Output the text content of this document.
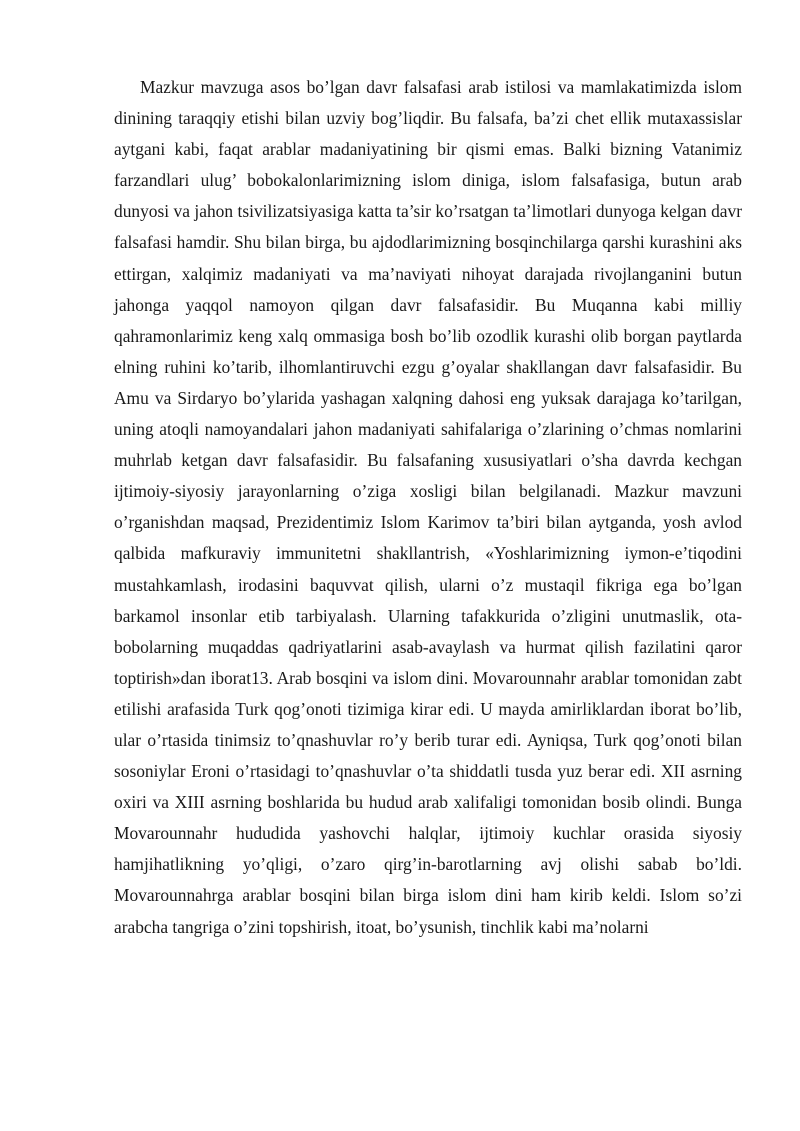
Mazkur mavzuga asos bo’lgan davr falsafasi arab istilosi va mamlakatimizda islom dinining taraqqiy etishi bilan uzviy bog’liqdir. Bu falsafa, ba’zi chet ellik mutaxassislar aytgani kabi, faqat arablar madaniyatining bir qismi emas. Balki bizning Vatanimiz farzandlari ulug’ bobokalonlarimizning islom diniga, islom falsafasiga, butun arab dunyosi va jahon tsivilizatsiyasiga katta ta’sir ko’rsatgan ta’limotlari dunyoga kelgan davr falsafasi hamdir. Shu bilan birga, bu ajdodlarimizning bosqinchilarga qarshi kurashini aks ettirgan, xalqimiz madaniyati va ma’naviyati nihoyat darajada rivojlanganini butun jahonga yaqqol namoyon qilgan davr falsafasidir. Bu Muqanna kabi milliy qahramonlarimiz keng xalq ommasiga bosh bo’lib ozodlik kurashi olib borgan paytlarda elning ruhini ko’tarib, ilhomlantiruvchi ezgu g’oyalar shakllangan davr falsafasidir. Bu Amu va Sirdaryo bo’ylarida yashagan xalqning dahosi eng yuksak darajaga ko’tarilgan, uning atoqli namoyandalari jahon madaniyati sahifalariga o’zlarining o’chmas nomlarini muhrlab ketgan davr falsafasidir. Bu falsafaning xususiyatlari o’sha davrda kechgan ijtimoiy-siyosiy jarayonlarning o’ziga xosligi bilan belgilanadi. Mazkur mavzuni o’rganishdan maqsad, Prezidentimiz Islom Karimov ta’biri bilan aytganda, yosh avlod qalbida mafkuraviy immunitetni shakllantrish, «Yoshlarimizning iymon-e’tiqodini mustahkamlash, irodasini baquvvat qilish, ularni o’z mustaqil fikriga ega bo’lgan barkamol insonlar etib tarbiyalash. Ularning tafakkurida o’zligini unutmaslik, ota-bobolarning muqaddas qadriyatlarini asab-avaylash va hurmat qilish fazilatini qaror toptirish»dan iborat13. Arab bosqini va islom dini. Movarounnahr arablar tomonidan zabt etilishi arafasida Turk qog’onoti tizimiga kirar edi. U mayda amirliklardan iborat bo’lib, ular o’rtasida tinimsiz to’qnashuvlar ro’y berib turar edi. Ayniqsa, Turk qog’onoti bilan sosoniylar Eroni o’rtasidagi to’qnashuvlar o’ta shiddatli tusda yuz berar edi. XII asrning oxiri va XIII asrning boshlarida bu hudud arab xalifaligi tomonidan bosib olindi. Bunga Movarounnahr hududida yashovchi halqlar, ijtimoiy kuchlar orasida siyosiy hamjihatlikning yo’qligi, o’zaro qirg’in-barotlarning avj olishi sabab bo’ldi. Movarounnahrga arablar bosqini bilan birga islom dini ham kirib keldi. Islom so’zi arabcha tangriga o’zini topshirish, itoat, bo’ysunish, tinchlik kabi ma’nolarni
